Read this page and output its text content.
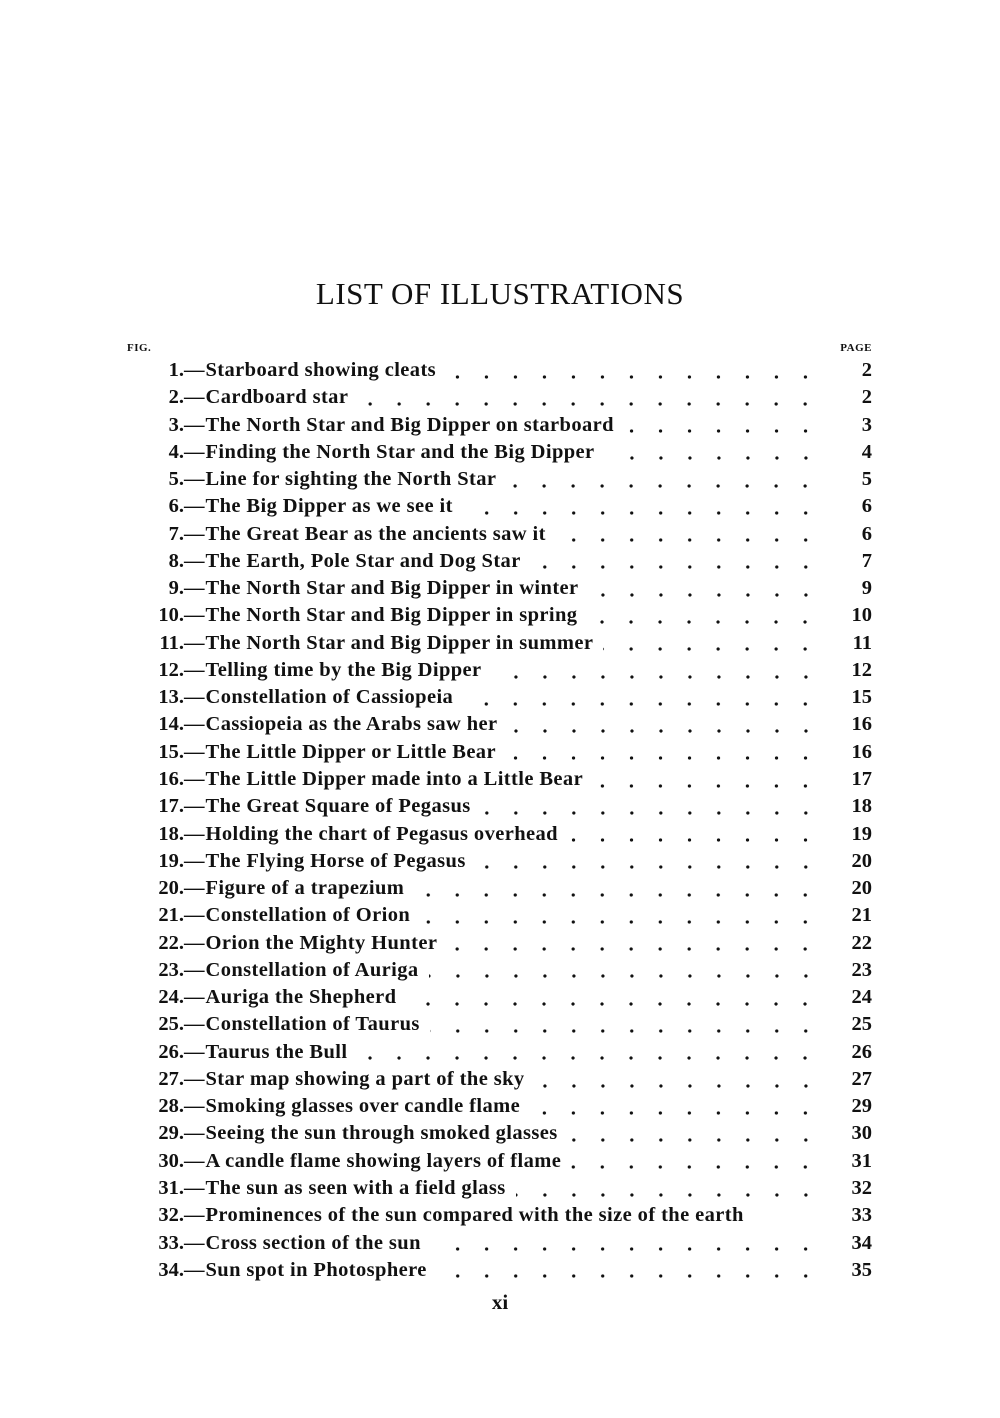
LIST OF ILLUSTRATIONS
FIG.	PAGE
1. — Starboard showing cleats	2
2. — Cardboard star	2
3. — The North Star and Big Dipper on starboard	3
4. — Finding the North Star and the Big Dipper	4
5. — Line for sighting the North Star	5
6. — The Big Dipper as we see it	6
7. — The Great Bear as the ancients saw it	6
8. — The Earth, Pole Star and Dog Star	7
9. — The North Star and Big Dipper in winter	9
10. — The North Star and Big Dipper in spring	10
11. — The North Star and Big Dipper in summer	11
12. — Telling time by the Big Dipper	12
13. — Constellation of Cassiopeia	15
14. — Cassiopeia as the Arabs saw her	16
15. — The Little Dipper or Little Bear	16
16. — The Little Dipper made into a Little Bear	17
17. — The Great Square of Pegasus	18
18. — Holding the chart of Pegasus overhead	19
19. — The Flying Horse of Pegasus	20
20. — Figure of a trapezium	20
21. — Constellation of Orion	21
22. — Orion the Mighty Hunter	22
23. — Constellation of Auriga	23
24. — Auriga the Shepherd	24
25. — Constellation of Taurus	25
26. — Taurus the Bull	26
27. — Star map showing a part of the sky	27
28. — Smoking glasses over candle flame	29
29. — Seeing the sun through smoked glasses	30
30. — A candle flame showing layers of flame	31
31. — The sun as seen with a field glass	32
32. — Prominences of the sun compared with the size of the earth	33
33. — Cross section of the sun	34
34. — Sun spot in Photosphere	35
xi
